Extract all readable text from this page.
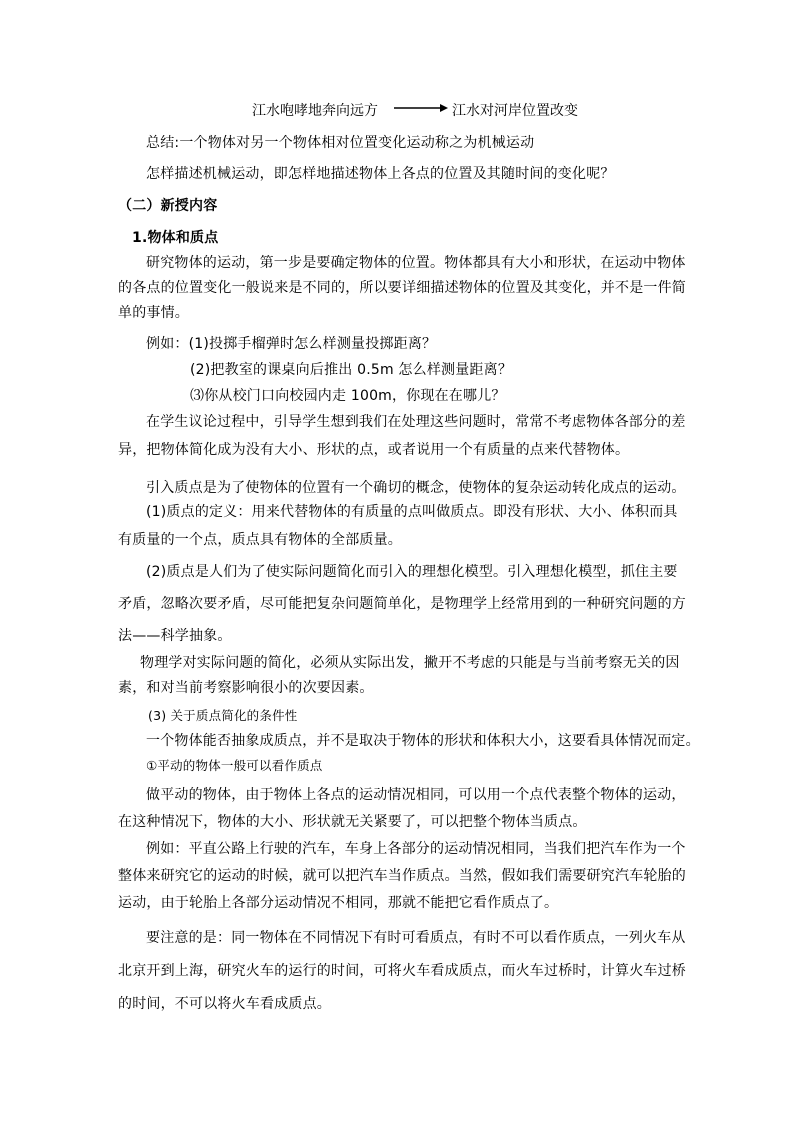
江水咆哮地奔向远方	江水对河岸位置改变
总结:一个物体对另一个物体相对位置变化运动称之为机械运动
怎样描述机械运动，即怎样地描述物体上各点的位置及其随时间的变化呢？
（二）新授内容
1.物体和质点
研究物体的运动，第一步是要确定物体的位置。物体都具有大小和形状，在运动中物体
的各点的位置变化一般说来是不同的，所以要详细描述物体的位置及其变化，并不是一件简
单的事情。
例如：(1)投掷手榴弹时怎么样测量投掷距离？
(2)把教室的课桌向后推出 0.5m 怎么样测量距离？
⑶你从校门口向校园内走 100m，你现在在哪儿？
在学生议论过程中，引导学生想到我们在处理这些问题时，常常不考虑物体各部分的差
异，把物体简化成为没有大小、形状的点，或者说用一个有质量的点来代替物体。
引入质点是为了使物体的位置有一个确切的概念，使物体的复杂运动转化成点的运动。
(1)质点的定义：用来代替物体的有质量的点叫做质点。即没有形状、大小、体积而具
有质量的一个点，质点具有物体的全部质量。
(2)质点是人们为了使实际问题简化而引入的理想化模型。引入理想化模型，抓住主要
矛盾，忽略次要矛盾，尽可能把复杂问题简单化，是物理学上经常用到的一种研究问题的方
法——科学抽象。
物理学对实际问题的简化，必须从实际出发，撇开不考虑的只能是与当前考察无关的因
素，和对当前考察影响很小的次要因素。
(3) 关于质点简化的条件性
一个物体能否抽象成质点，并不是取决于物体的形状和体积大小，这要看具体情况而定。
①平动的物体一般可以看作质点
做平动的物体，由于物体上各点的运动情况相同，可以用一个点代表整个物体的运动，
在这种情况下，物体的大小、形状就无关紧要了，可以把整个物体当质点。
例如：平直公路上行驶的汽车，车身上各部分的运动情况相同，当我们把汽车作为一个
整体来研究它的运动的时候，就可以把汽车当作质点。当然，假如我们需要研究汽车轮胎的
运动，由于轮胎上各部分运动情况不相同，那就不能把它看作质点了。
要注意的是：同一物体在不同情况下有时可看质点，有时不可以看作质点，一列火车从
北京开到上海，研究火车的运行的时间，可将火车看成质点，而火车过桥时，计算火车过桥
的时间，不可以将火车看成质点。
